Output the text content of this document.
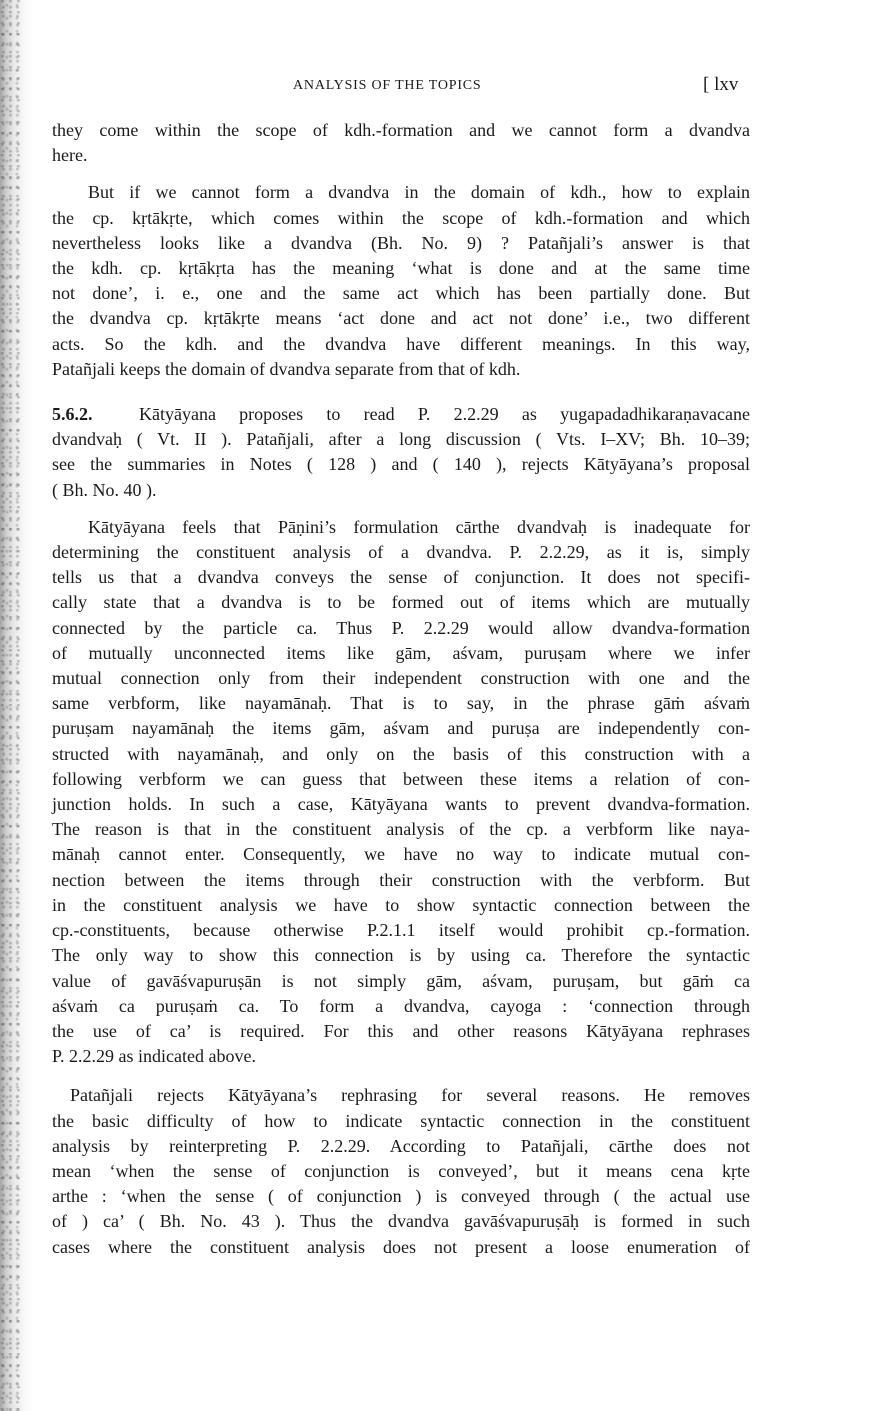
ANALYSIS OF THE TOPICS	[ lxv

they come within the scope of kdh.-formation and we cannot form a dvandva
here.

But if we cannot form a dvandva in the domain of kdh., how to explain
the cp. kṛtākṛte, which comes within the scope of kdh.-formation and which
nevertheless looks like a dvandva (Bh. No. 9) ? Patañjali’s answer is that
the kdh. cp. kṛtākṛta has the meaning ‘what is done and at the same time
not done’, i. e., one and the same act which has been partially done. But
the dvandva cp. kṛtākṛte means ‘act done and act not done’ i.e., two different
acts. So the kdh. and the dvandva have different meanings. In this way,
Patañjali keeps the domain of dvandva separate from that of kdh.

5.6.2.	Kātyāyana proposes to read P. 2.2.29 as yugapadadhikaraṇavacane
dvandvaḥ ( Vt. II ). Patañjali, after a long discussion ( Vts. I–XV; Bh. 10–39;
see the summaries in Notes ( 128 ) and ( 140 ), rejects Kātyāyana’s proposal
( Bh. No. 40 ).

Kātyāyana feels that Pāṇini’s formulation cārthe dvandvaḥ is inadequate for
determining the constituent analysis of a dvandva. P. 2.2.29, as it is, simply
tells us that a dvandva conveys the sense of conjunction. It does not specifi-
cally state that a dvandva is to be formed out of items which are mutually
connected by the particle ca. Thus P. 2.2.29 would allow dvandva-formation
of mutually unconnected items like gām, aśvam, puruṣam where we infer
mutual connection only from their independent construction with one and the
same verbform, like nayamānaḥ. That is to say, in the phrase gāṁ aśvaṁ
puruṣam nayamānaḥ the items gām, aśvam and puruṣa are independently con-
structed with nayamānaḥ, and only on the basis of this construction with a
following verbform we can guess that between these items a relation of con-
junction holds. In such a case, Kātyāyana wants to prevent dvandva-formation.
The reason is that in the constituent analysis of the cp. a verbform like naya-
mānaḥ cannot enter. Consequently, we have no way to indicate mutual con-
nection between the items through their construction with the verbform. But
in the constituent analysis we have to show syntactic connection between the
cp.-constituents, because otherwise P.2.1.1 itself would prohibit cp.-formation.
The only way to show this connection is by using ca. Therefore the syntactic
value of gavāśvapuruṣān is not simply gām, aśvam, puruṣam, but gāṁ ca
aśvaṁ ca puruṣaṁ ca. To form a dvandva, cayoga : ‘connection through
the use of ca’ is required. For this and other reasons Kātyāyana rephrases
P. 2.2.29 as indicated above.

Patañjali rejects Kātyāyana’s rephrasing for several reasons. He removes
the basic difficulty of how to indicate syntactic connection in the constituent
analysis by reinterpreting P. 2.2.29. According to Patañjali, cārthe does not
mean ‘when the sense of conjunction is conveyed’, but it means cena kṛte
arthe : ‘when the sense ( of conjunction ) is conveyed through ( the actual use
of ) ca’ ( Bh. No. 43 ). Thus the dvandva gavāśvapuruṣāḥ is formed in such
cases where the constituent analysis does not present a loose enumeration of
